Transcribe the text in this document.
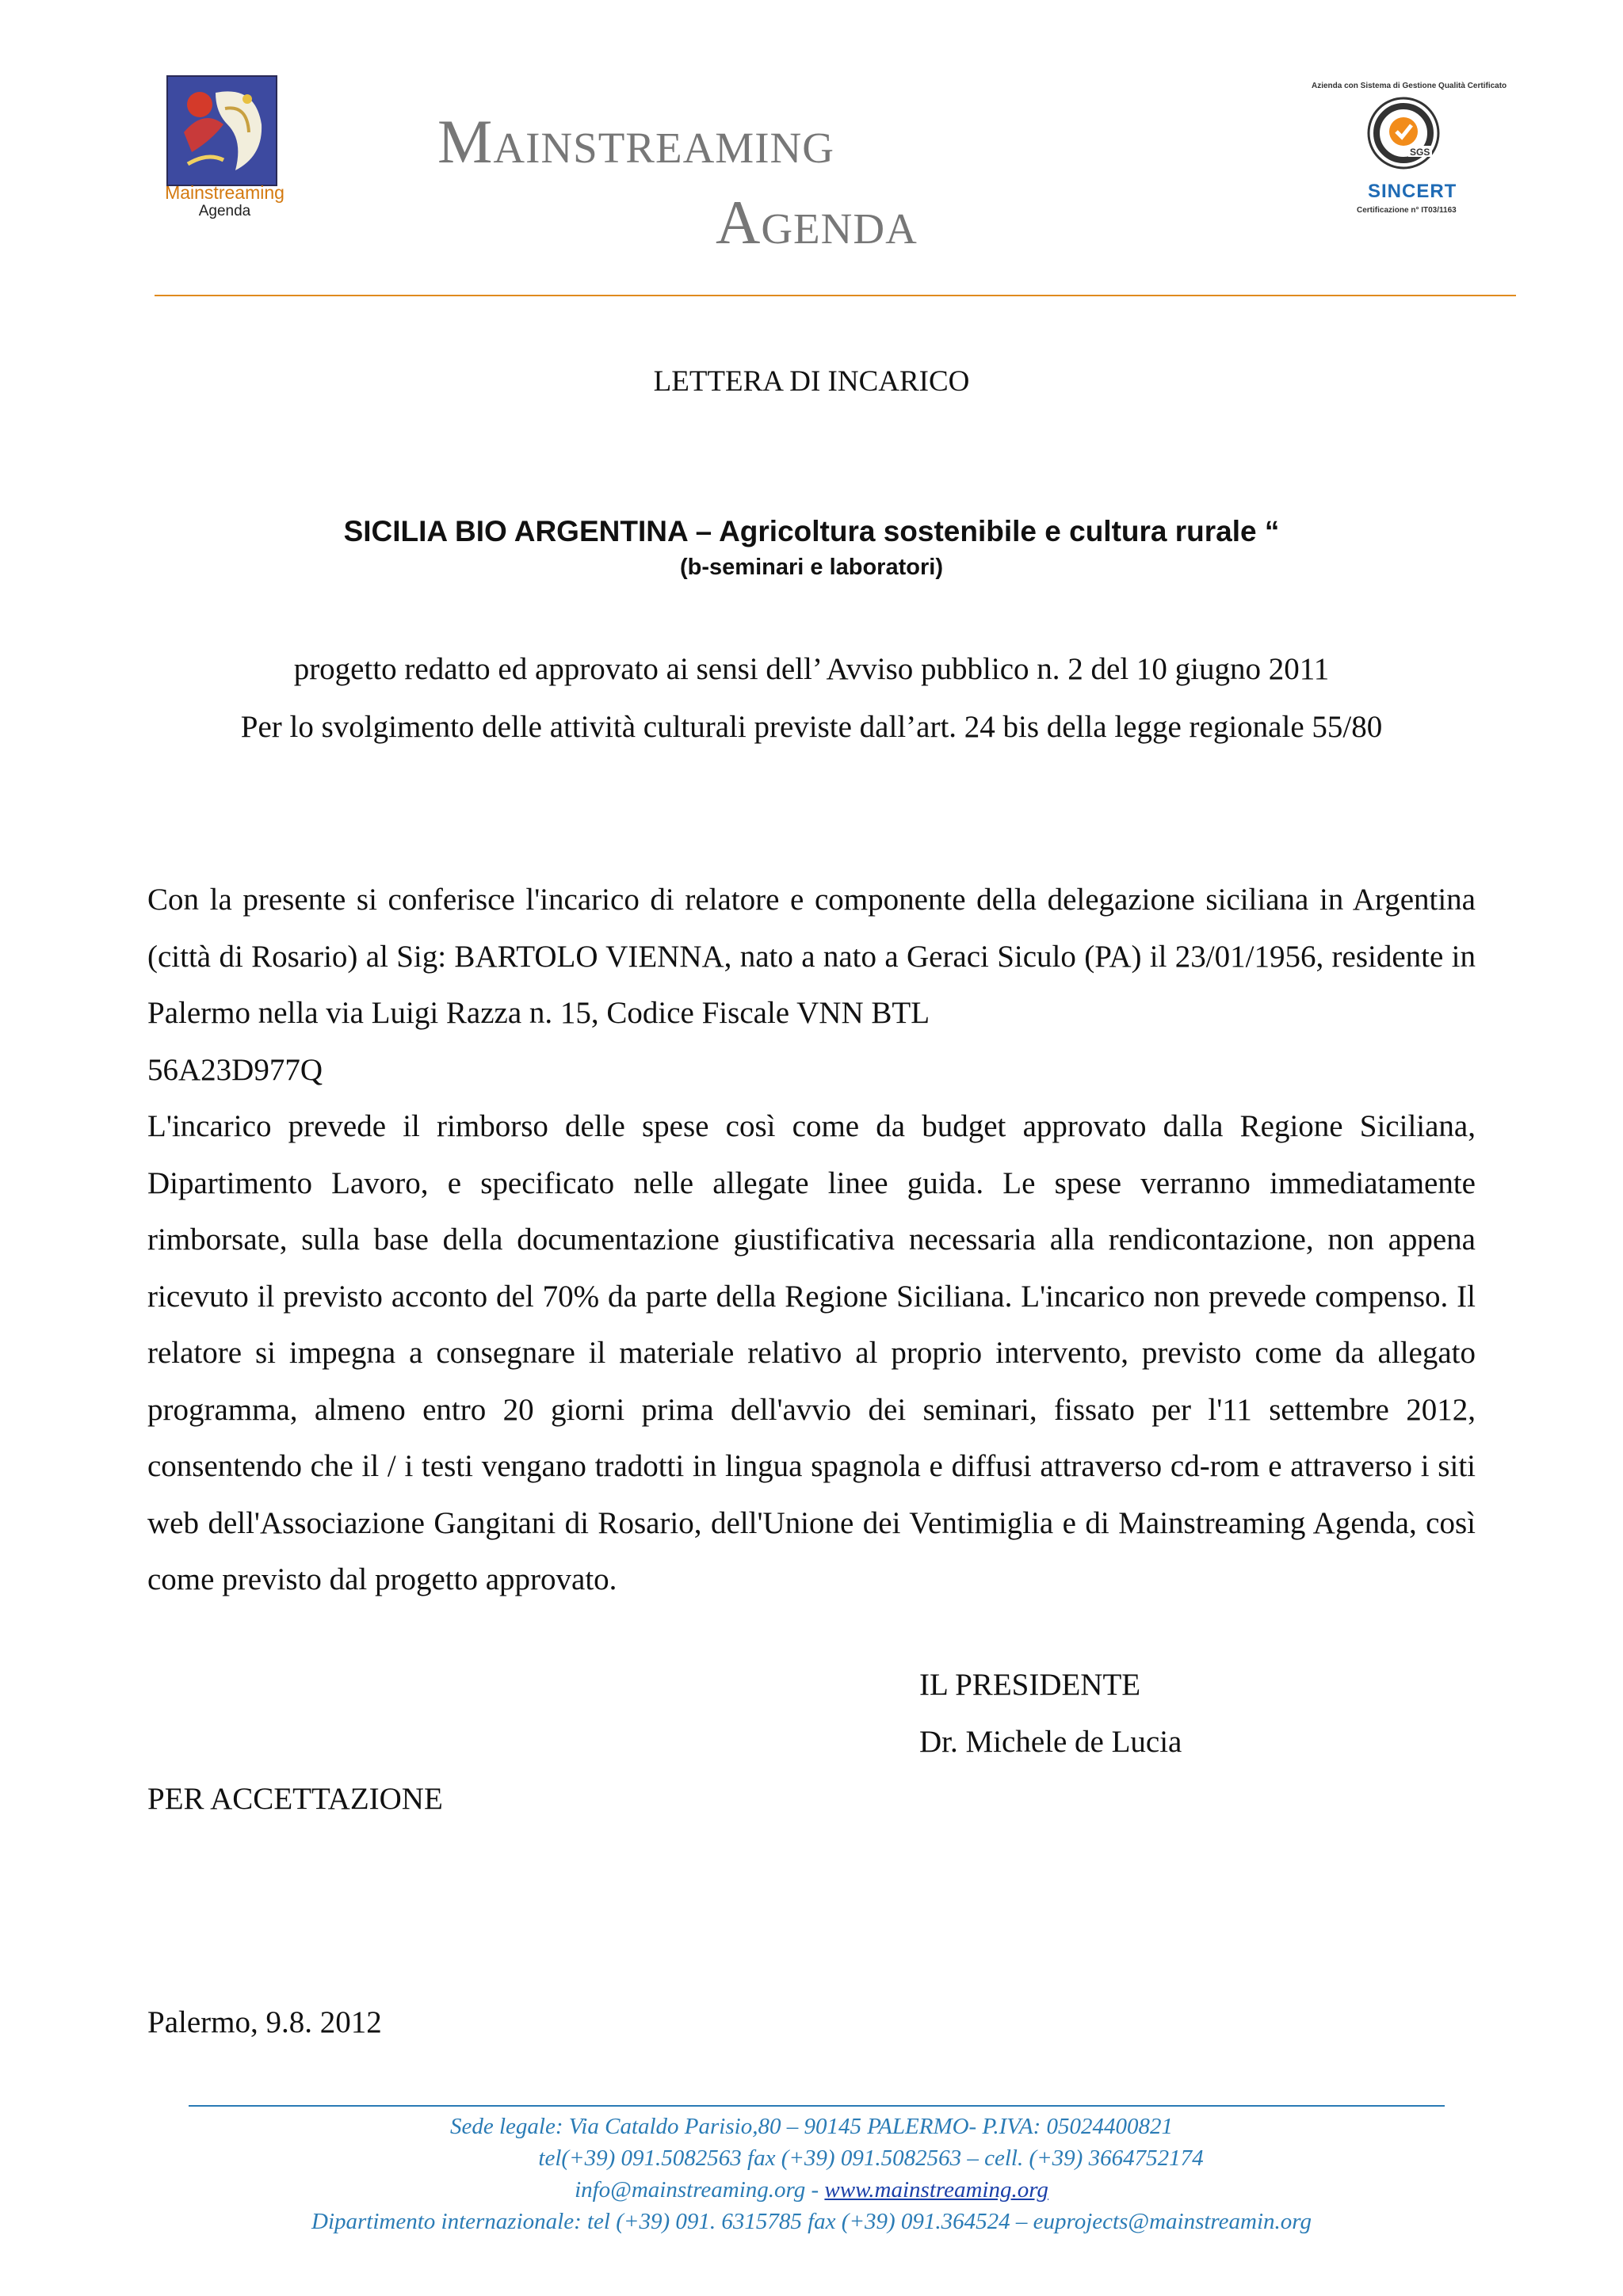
Mainstreaming
Agenda
Mainstreaming
Agenda
Azienda con Sistema di Gestione Qualità Certificato
SGS
SINCERT
Certificazione n° IT03/1163
LETTERA DI INCARICO
SICILIA BIO ARGENTINA – Agricoltura sostenibile e cultura rurale “
(b-seminari e laboratori)
progetto redatto ed approvato ai sensi dell’ Avviso pubblico n. 2 del 10 giugno 2011
Per lo svolgimento delle attività culturali previste dall’art. 24 bis della legge regionale 55/80

Con la presente si conferisce l'incarico di relatore e componente della delegazione siciliana in Argentina (città di Rosario) al Sig: BARTOLO VIENNA, nato a nato a Geraci Siculo (PA) il 23/01/1956, residente in Palermo nella via Luigi Razza n. 15, Codice Fiscale VNN BTL

56A23D977Q

L'incarico prevede il rimborso delle spese così come da budget approvato dalla Regione Siciliana, Dipartimento Lavoro, e specificato nelle allegate linee guida. Le spese verranno immediatamente rimborsate, sulla base della documentazione giustificativa necessaria alla rendicontazione, non appena ricevuto il previsto acconto del 70% da parte della Regione Siciliana. L'incarico non prevede compenso. Il relatore si impegna a consegnare il materiale relativo al proprio intervento, previsto come da allegato programma, almeno entro 20 giorni prima dell'avvio dei seminari, fissato per l'11 settembre 2012, consentendo che il / i testi vengano tradotti in lingua spagnola e diffusi attraverso cd-rom e attraverso i siti web dell'Associazione Gangitani di Rosario, dell'Unione dei Ventimiglia e di Mainstreaming Agenda, così come previsto dal progetto approvato.

IL PRESIDENTE
Dr. Michele de Lucia
PER ACCETTAZIONE
Palermo, 9.8. 2012
Sede legale: Via Cataldo Parisio,80 – 90145 PALERMO- P.IVA: 05024400821
tel(+39) 091.5082563 fax (+39) 091.5082563 – cell. (+39) 3664752174
info@mainstreaming.org - www.mainstreaming.org
Dipartimento internazionale: tel (+39) 091. 6315785 fax (+39) 091.364524 – euprojects@mainstreamin.org
